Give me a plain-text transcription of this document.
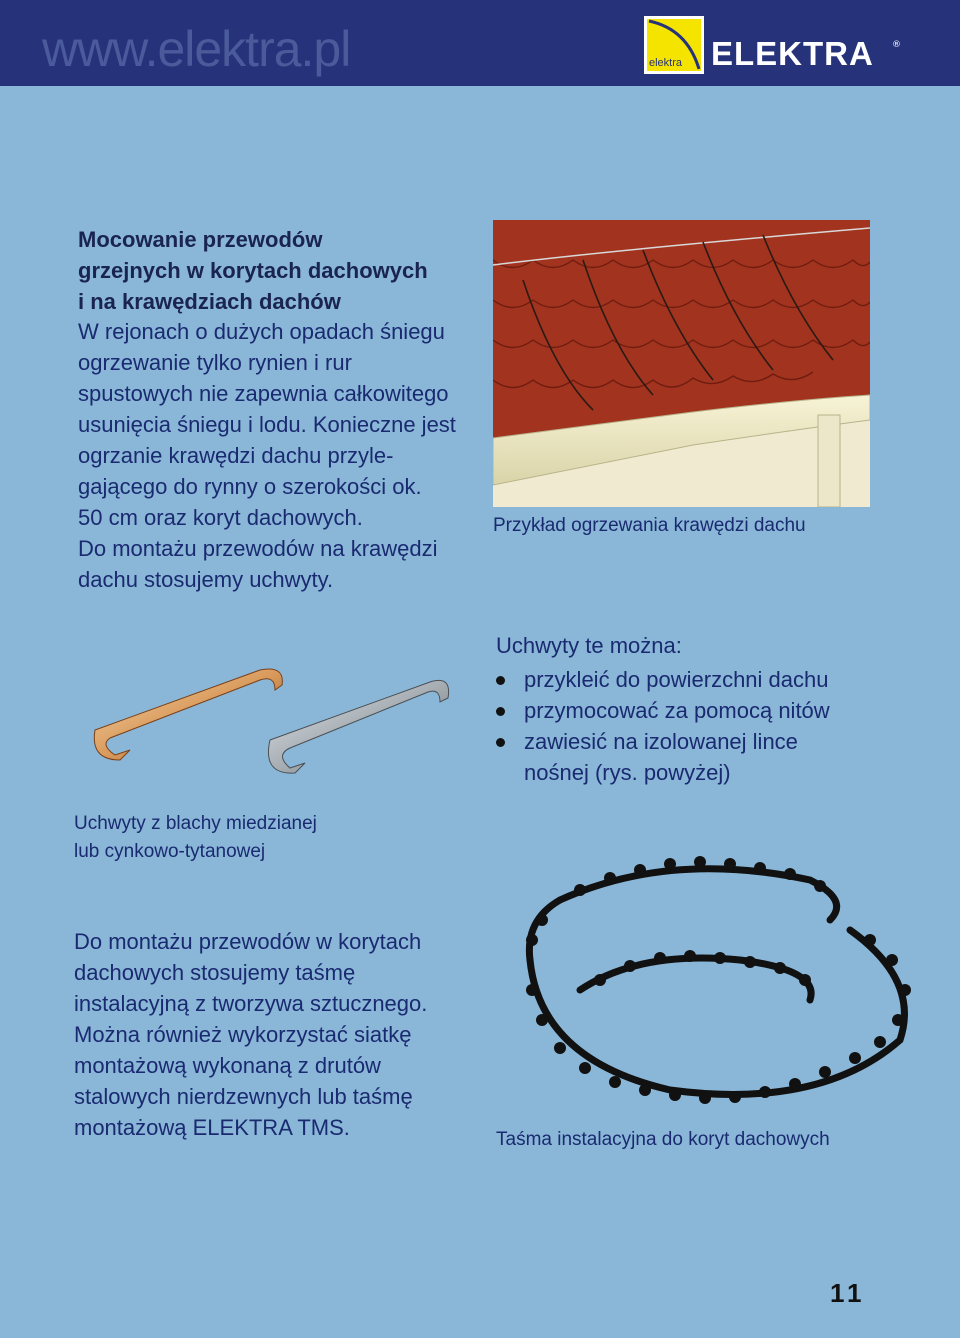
www.elektra.pl	elektra ELEKTRA ®
Mocowanie przewodów
grzejnych w korytach dachowych
i na krawędziach dachów
W rejonach o dużych opadach śniegu
ogrzewanie tylko rynien i rur
spustowych nie zapewnia całkowitego
usunięcia śniegu i lodu. Konieczne jest
ogrzanie krawędzi dachu przyle-
gającego do rynny o szerokości ok.
50 cm oraz koryt dachowych.
Do montażu przewodów na krawędzi
dachu stosujemy uchwyty.
Przykład ogrzewania krawędzi dachu
Uchwyty te można:
przykleić do powierzchni dachu
przymocować za pomocą nitów
zawiesić na izolowanej lince
nośnej (rys. powyżej)
Uchwyty z blachy miedzianej
lub cynkowo-tytanowej
Do montażu przewodów w korytach
dachowych stosujemy taśmę
instalacyjną z tworzywa sztucznego.
Można również wykorzystać siatkę
montażową wykonaną z drutów
stalowych nierdzewnych lub taśmę
montażową ELEKTRA TMS.	Taśma instalacyjna do koryt dachowych
11
